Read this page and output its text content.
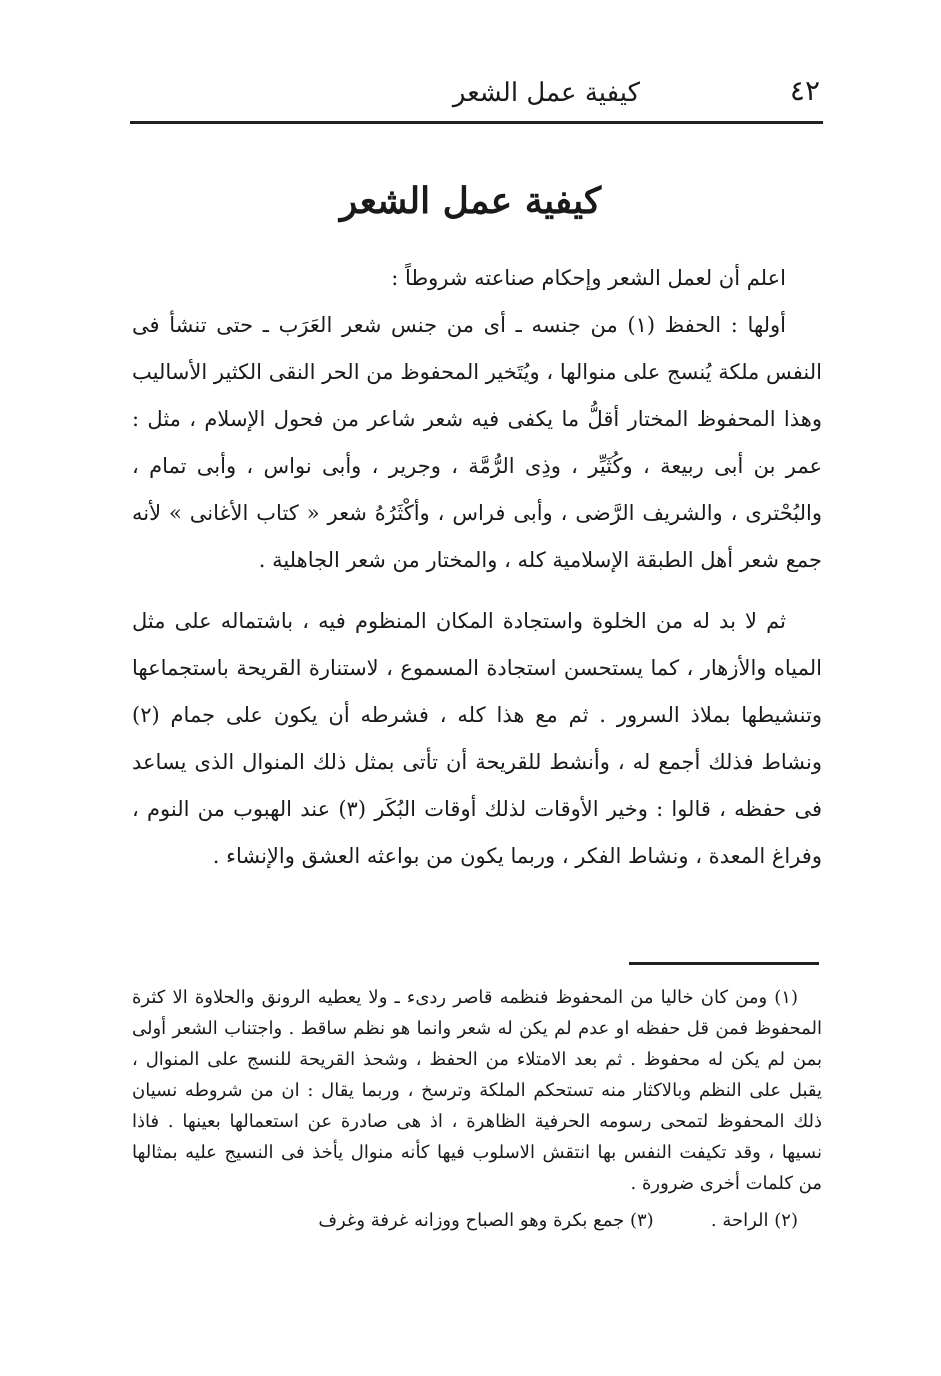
٤٢
كيفية عمل الشعر
كيفية عمل الشعر

اعلم أن لعمل الشعر وإحكام صناعته شروطاً :

أولها : الحفظ (١) من جنسه ـ أى من جنس شعر العَرَب ـ حتى تنشأ فى النفس ملكة يُنسج على منوالها ، ويُتَخير المحفوظ من الحر النقى الكثير الأساليب وهذا المحفوظ المختار أقلُّ ما يكفى فيه شعر شاعر من فحول الإسلام ، مثل : عمر بن أبى ربيعة ، وكُثَيِّر ، وذِى الرُّمَّة ، وجرير ، وأبى نواس ، وأبى تمام ، والبُحْترى ، والشريف الرَّضى ، وأبى فراس ، وأكْثَرُهُ شعر « كتاب الأغانى » لأنه جمع شعر أهل الطبقة الإسلامية كله ، والمختار من شعر الجاهلية .

ثم لا بد له من الخلوة واستجادة المكان المنظوم فيه ، باشتماله على مثل المياه والأزهار ، كما يستحسن استجادة المسموع ، لاستنارة القريحة باستجماعها وتنشيطها بملاذ السرور . ثم مع هذا كله ، فشرطه أن يكون على جمام (٢) ونشاط فذلك أجمع له ، وأنشط للقريحة أن تأتى بمثل ذلك المنوال الذى يساعد فى حفظه ، قالوا : وخير الأوقات لذلك أوقات البُكَر (٣) عند الهبوب من النوم ، وفراغ المعدة ، ونشاط الفكر ، وربما يكون من بواعثه العشق والإنشاء .

(١) ومن كان خاليا من المحفوظ فنظمه قاصر ردىء ـ ولا يعطيه الرونق والحلاوة الا كثرة المحفوظ فمن قل حفظه او عدم لم يكن له شعر وانما هو نظم ساقط . واجتناب الشعر أولى بمن لم يكن له محفوظ . ثم بعد الامتلاء من الحفظ ، وشحذ القريحة للنسج على المنوال ، يقبل على النظم وبالاكثار منه تستحكم الملكة وترسخ ، وربما يقال : ان من شروطه نسيان ذلك المحفوظ لتمحى رسومه الحرفية الظاهرة ، اذ هى صادرة عن استعمالها بعينها . فاذا نسيها ، وقد تكيفت النفس بها انتقش الاسلوب فيها كأنه منوال يأخذ فى النسيج عليه بمثالها من كلمات أخرى ضرورة .

(٢) الراحة .          (٣) جمع بكرة وهو الصباح ووزانه غرفة وغرف
